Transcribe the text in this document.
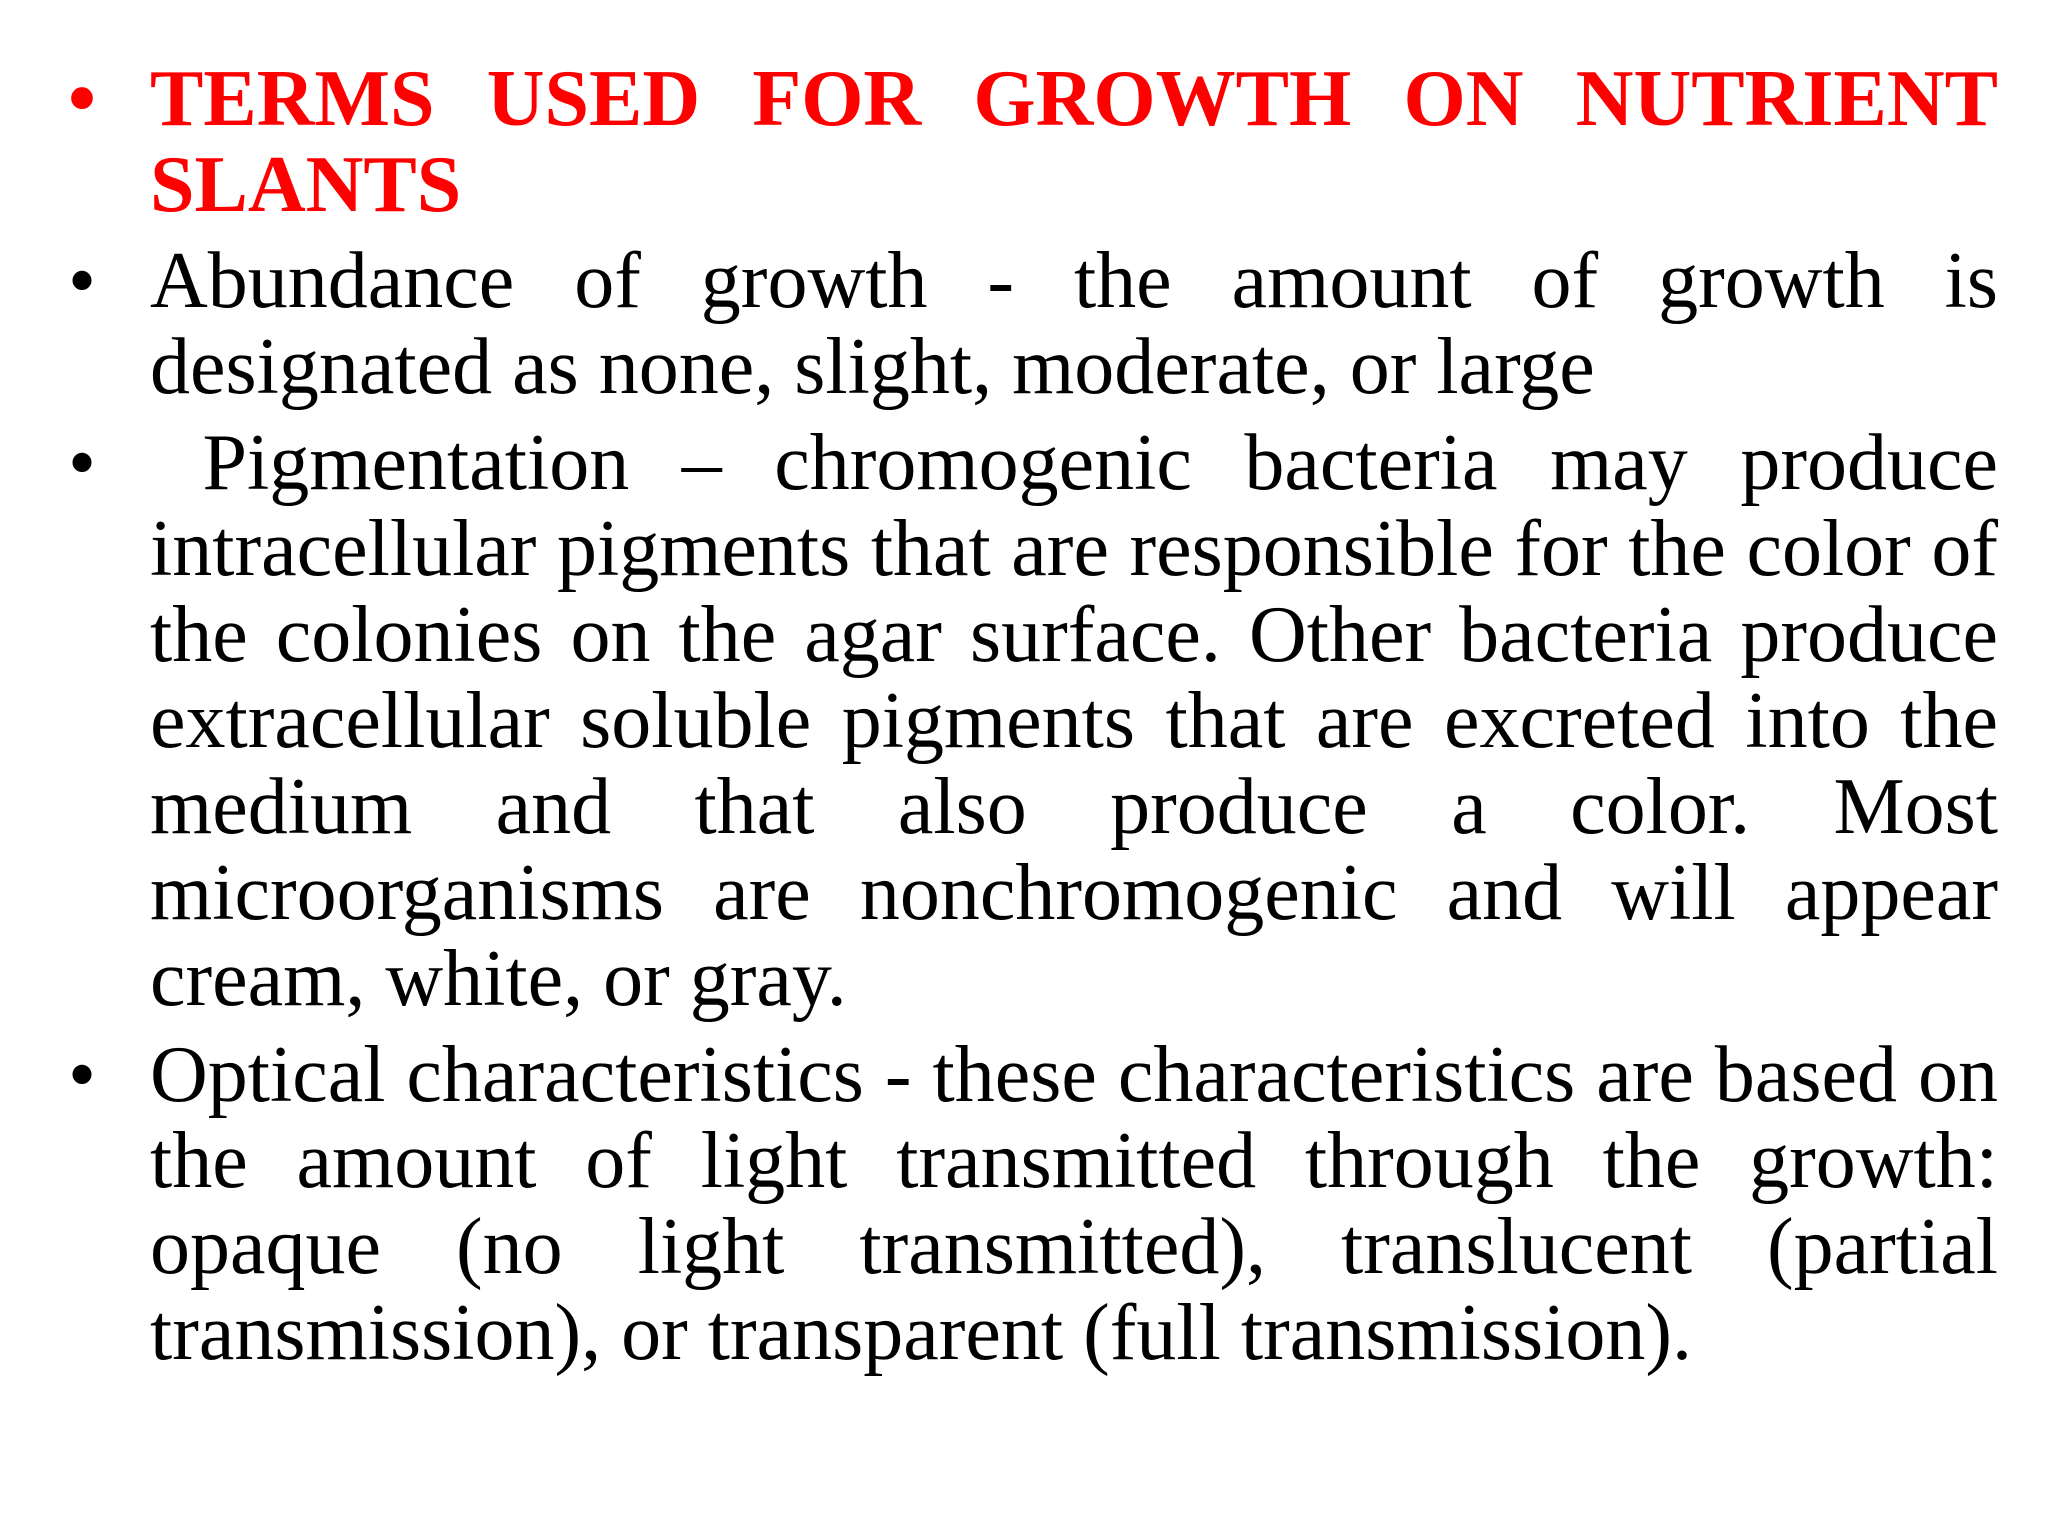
• TERMS USED FOR GROWTH ON NUTRIENT SLANTS
• Abundance of growth - the amount of growth is designated as none, slight, moderate, or large
• Pigmentation – chromogenic bacteria may produce intracellular pigments that are responsible for the color of the colonies on the agar surface. Other bacteria produce extracellular soluble pigments that are excreted into the medium and that also produce a color. Most microorganisms are nonchromogenic and will appear cream, white, or gray.
• Optical characteristics - these characteristics are based on the amount of light transmitted through the growth: opaque (no light transmitted), translucent (partial transmission), or transparent (full transmission).
